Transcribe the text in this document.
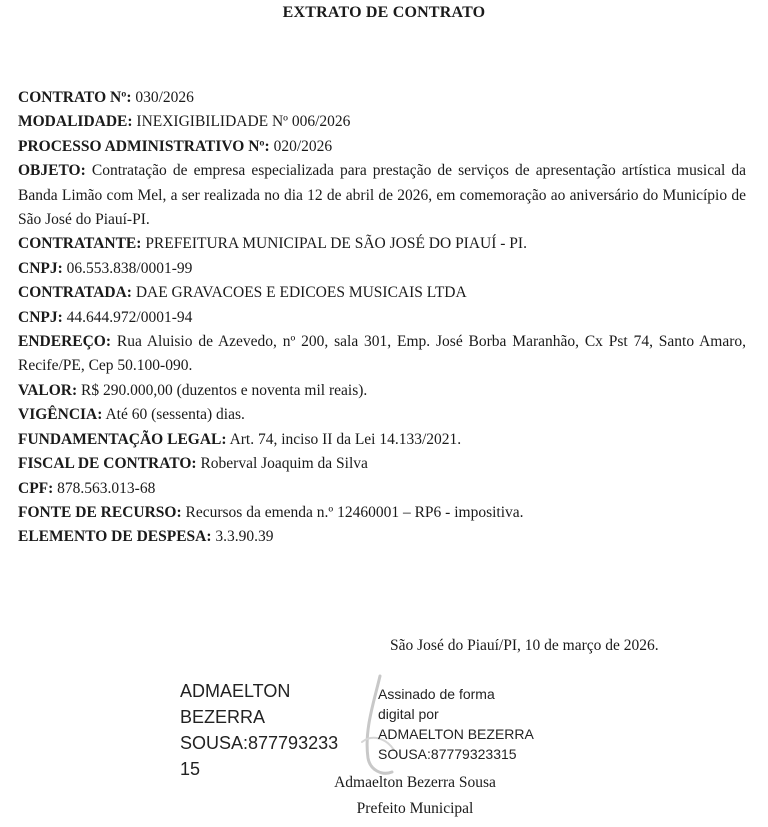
EXTRATO DE CONTRATO

CONTRATO Nº: 030/2026

MODALIDADE: INEXIGIBILIDADE Nº 006/2026

PROCESSO ADMINISTRATIVO Nº: 020/2026

OBJETO: Contratação de empresa especializada para prestação de serviços de apresentação artística musical da Banda Limão com Mel, a ser realizada no dia 12 de abril de 2026, em comemoração ao aniversário do Município de São José do Piauí-PI.

CONTRATANTE: PREFEITURA MUNICIPAL DE SÃO JOSÉ DO PIAUÍ - PI.

CNPJ: 06.553.838/0001-99

CONTRATADA: DAE GRAVACOES E EDICOES MUSICAIS LTDA

CNPJ: 44.644.972/0001-94

ENDEREÇO: Rua Aluisio de Azevedo, nº 200, sala 301, Emp. José Borba Maranhão, Cx Pst 74, Santo Amaro, Recife/PE, Cep 50.100-090.

VALOR: R$ 290.000,00 (duzentos e noventa mil reais).

VIGÊNCIA: Até 60 (sessenta) dias.

FUNDAMENTAÇÃO LEGAL: Art. 74, inciso II da Lei 14.133/2021.

FISCAL DE CONTRATO: Roberval Joaquim da Silva

CPF: 878.563.013-68

FONTE DE RECURSO: Recursos da emenda n.º 12460001 – RP6 - impositiva.

ELEMENTO DE DESPESA: 3.3.90.39

São José do Piauí/PI, 10 de março de 2026.
ADMAELTON
BEZERRA
SOUSA:877793233
15
Assinado de forma
digital por
ADMAELTON BEZERRA
SOUSA:87779323315
Admaelton Bezerra Sousa
Prefeito Municipal
